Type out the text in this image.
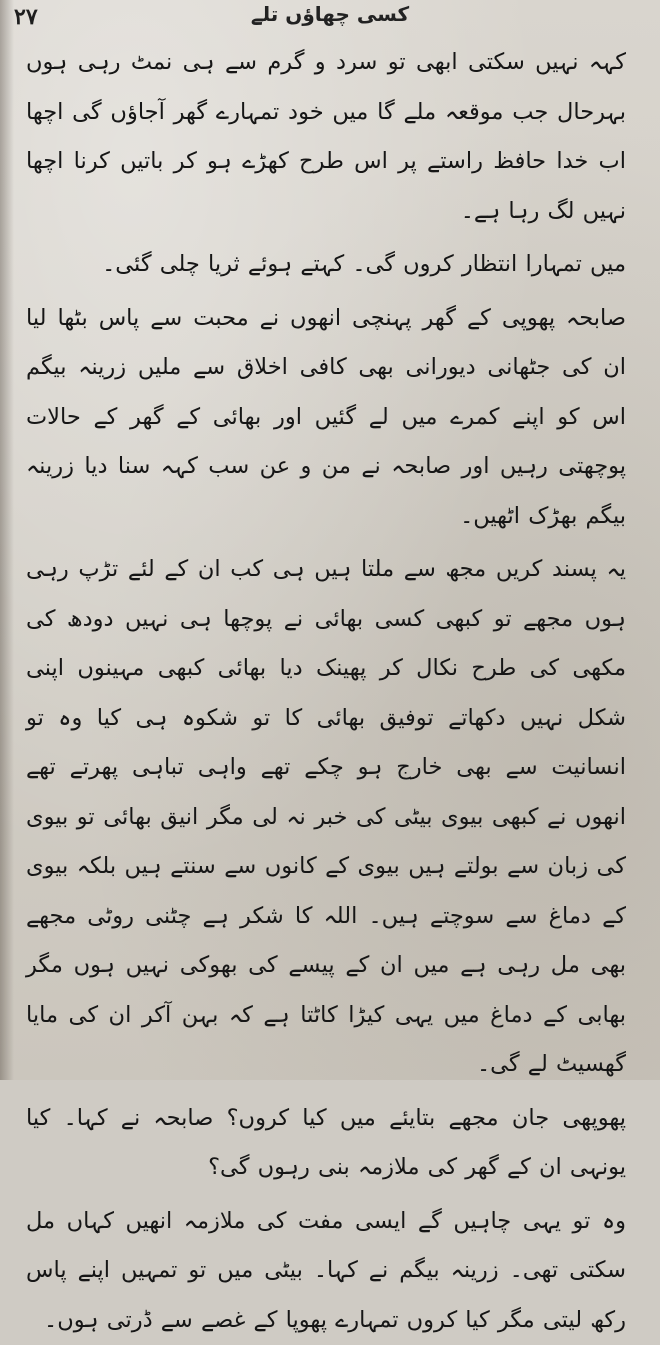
۲۷	کسی چھاؤں تلے

کہہ نہیں سکتی ابھی تو سرد و گرم سے ہی نمٹ رہی ہوں بہرحال جب موقعہ ملے گا میں خود تمہارے گھر آجاؤں گی اچھا اب خدا حافظ راستے پر اس طرح کھڑے ہو کر باتیں کرنا اچھا نہیں لگ رہا ہے۔

میں تمہارا انتظار کروں گی۔ کہتے ہوئے ثریا چلی گئی۔

صابحہ پھوپی کے گھر پہنچی انھوں نے محبت سے پاس بٹھا لیا ان کی جٹھانی دیورانی بھی کافی اخلاق سے ملیں زرینہ بیگم اس کو اپنے کمرے میں لے گئیں اور بھائی کے گھر کے حالات پوچھتی رہیں اور صابحہ نے من و عن سب کہہ سنا دیا زرینہ بیگم بھڑک اٹھیں۔

یہ پسند کریں مجھ سے ملتا ہیں ہی کب ان کے لئے تڑپ رہی ہوں مجھے تو کبھی کسی بھائی نے پوچھا ہی نہیں دودھ کی مکھی کی طرح نکال کر پھینک دیا بھائی کبھی مہینوں اپنی شکل نہیں دکھاتے توفیق بھائی کا تو شکوہ ہی کیا وہ تو انسانیت سے بھی خارج ہو چکے تھے واہی تباہی پھرتے تھے انھوں نے کبھی بیوی بیٹی کی خبر نہ لی مگر انیق بھائی تو بیوی کی زبان سے بولتے ہیں بیوی کے کانوں سے سنتے ہیں بلکہ بیوی کے دماغ سے سوچتے ہیں۔ اللہ کا شکر ہے چٹنی روٹی مجھے بھی مل رہی ہے میں ان کے پیسے کی بھوکی نہیں ہوں مگر بھابی کے دماغ میں یہی کیڑا کاٹتا ہے کہ بہن آکر ان کی مایا گھسیٹ لے گی۔

پھوپھی جان مجھے بتایئے میں کیا کروں؟ صابحہ نے کہا۔ کیا یونہی ان کے گھر کی ملازمہ بنی رہوں گی؟

وہ تو یہی چاہیں گے ایسی مفت کی ملازمہ انھیں کہاں مل سکتی تھی۔ زرینہ بیگم نے کہا۔ بیٹی میں تو تمہیں اپنے پاس رکھ لیتی مگر کیا کروں تمہارے پھوپا کے غصے سے ڈرتی ہوں۔
